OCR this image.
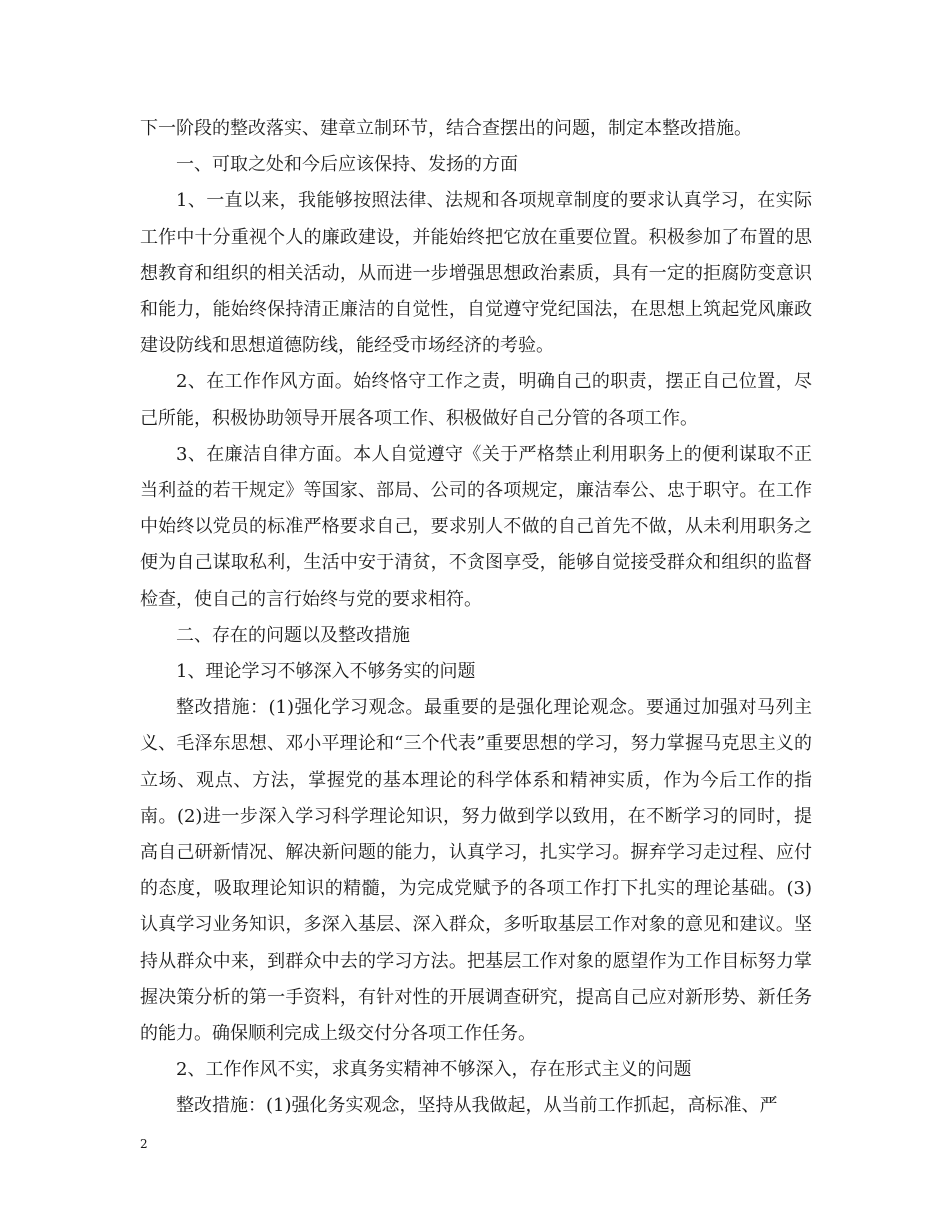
下一阶段的整改落实、建章立制环节，结合查摆出的问题，制定本整改措施。

一、可取之处和今后应该保持、发扬的方面

1、一直以来，我能够按照法律、法规和各项规章制度的要求认真学习，在实际工作中十分重视个人的廉政建设，并能始终把它放在重要位置。积极参加了布置的思想教育和组织的相关活动，从而进一步增强思想政治素质，具有一定的拒腐防变意识和能力，能始终保持清正廉洁的自觉性，自觉遵守党纪国法，在思想上筑起党风廉政建设防线和思想道德防线，能经受市场经济的考验。

2、在工作作风方面。始终恪守工作之责，明确自己的职责，摆正自己位置，尽己所能，积极协助领导开展各项工作、积极做好自己分管的各项工作。

3、在廉洁自律方面。本人自觉遵守《关于严格禁止利用职务上的便利谋取不正当利益的若干规定》等国家、部局、公司的各项规定，廉洁奉公、忠于职守。在工作中始终以党员的标准严格要求自己，要求别人不做的自己首先不做，从未利用职务之便为自己谋取私利，生活中安于清贫，不贪图享受，能够自觉接受群众和组织的监督检查，使自己的言行始终与党的要求相符。

二、存在的问题以及整改措施

1、理论学习不够深入不够务实的问题

整改措施：(1)强化学习观念。最重要的是强化理论观念。要通过加强对马列主义、毛泽东思想、邓小平理论和“三个代表”重要思想的学习，努力掌握马克思主义的立场、观点、方法，掌握党的基本理论的科学体系和精神实质，作为今后工作的指南。(2)进一步深入学习科学理论知识，努力做到学以致用，在不断学习的同时，提高自己研新情况、解决新问题的能力，认真学习，扎实学习。摒弃学习走过程、应付的态度，吸取理论知识的精髓，为完成党赋予的各项工作打下扎实的理论基础。(3)认真学习业务知识，多深入基层、深入群众，多听取基层工作对象的意见和建议。坚持从群众中来，到群众中去的学习方法。把基层工作对象的愿望作为工作目标努力掌握决策分析的第一手资料，有针对性的开展调查研究，提高自己应对新形势、新任务的能力。确保顺利完成上级交付分各项工作任务。

2、工作作风不实，求真务实精神不够深入，存在形式主义的问题

整改措施：(1)强化务实观念，坚持从我做起，从当前工作抓起，高标准、严

2
